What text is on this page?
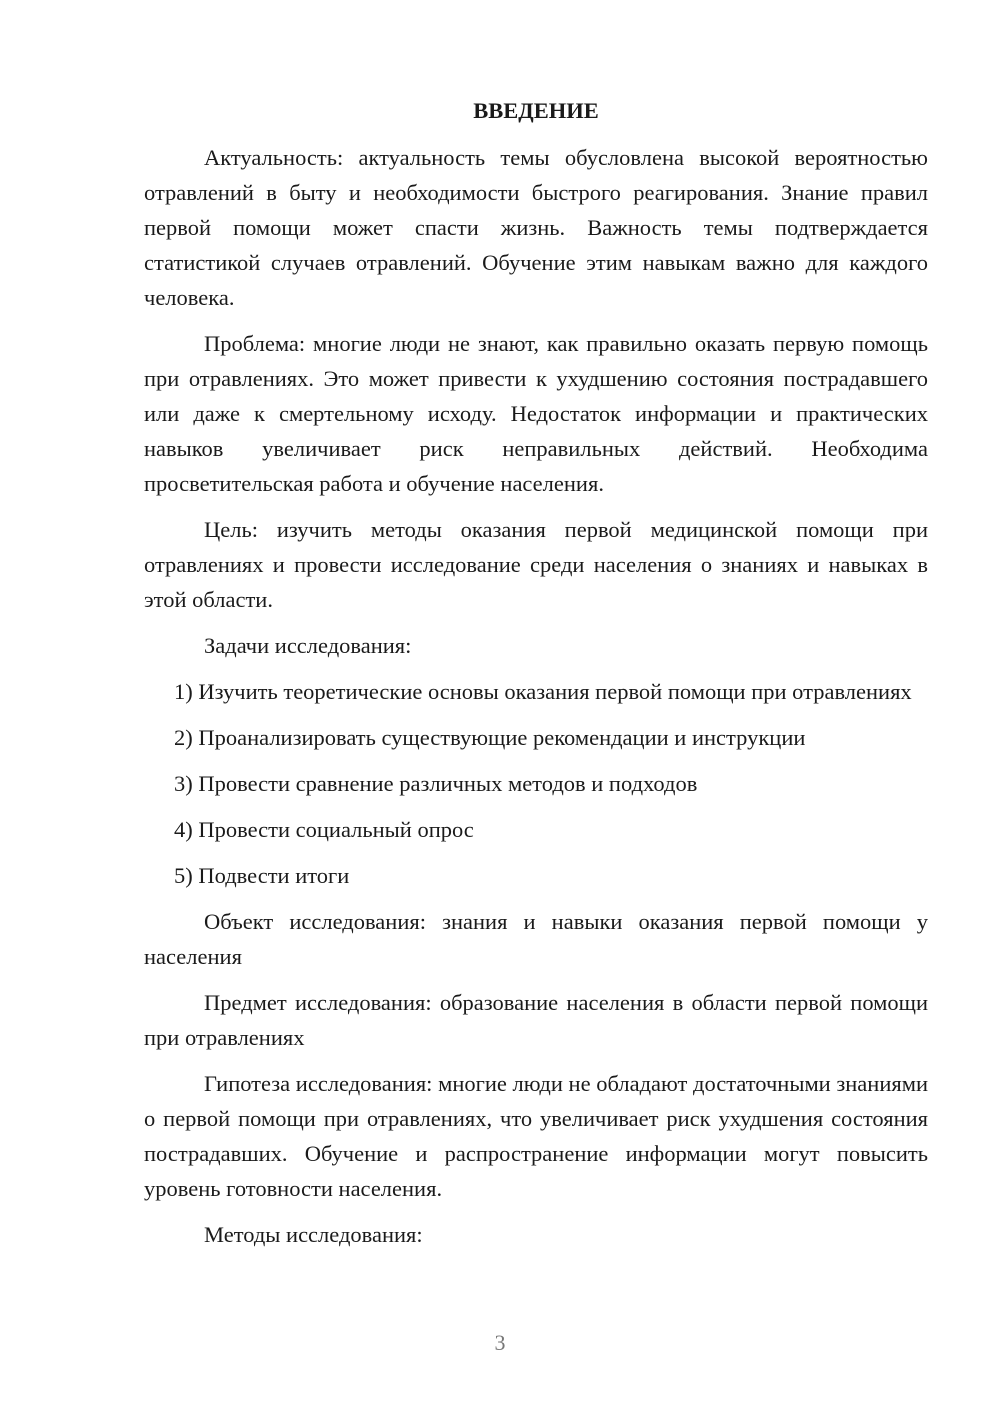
ВВЕДЕНИЕ

Актуальность: актуальность темы обусловлена высокой вероятностью отравлений в быту и необходимости быстрого реагирования. Знание правил первой помощи может спасти жизнь. Важность темы подтверждается статистикой случаев отравлений. Обучение этим навыкам важно для каждого человека.

Проблема: многие люди не знают, как правильно оказать первую помощь при отравлениях. Это может привести к ухудшению состояния пострадавшего или даже к смертельному исходу. Недостаток информации и практических навыков увеличивает риск неправильных действий. Необходима просветительская работа и обучение населения.

Цель: изучить методы оказания первой медицинской помощи при отравлениях и провести исследование среди населения о знаниях и навыках в этой области.

Задачи исследования:

1) Изучить теоретические основы оказания первой помощи при отравлениях

2) Проанализировать существующие рекомендации и инструкции

3) Провести сравнение различных методов и подходов

4) Провести социальный опрос

5) Подвести итоги

Объект исследования: знания и навыки оказания первой помощи у населения

Предмет исследования: образование населения в области первой помощи при отравлениях

Гипотеза исследования: многие люди не обладают достаточными знаниями о первой помощи при отравлениях, что увеличивает риск ухудшения состояния пострадавших. Обучение и распространение информации могут повысить уровень готовности населения.

Методы исследования:

3
